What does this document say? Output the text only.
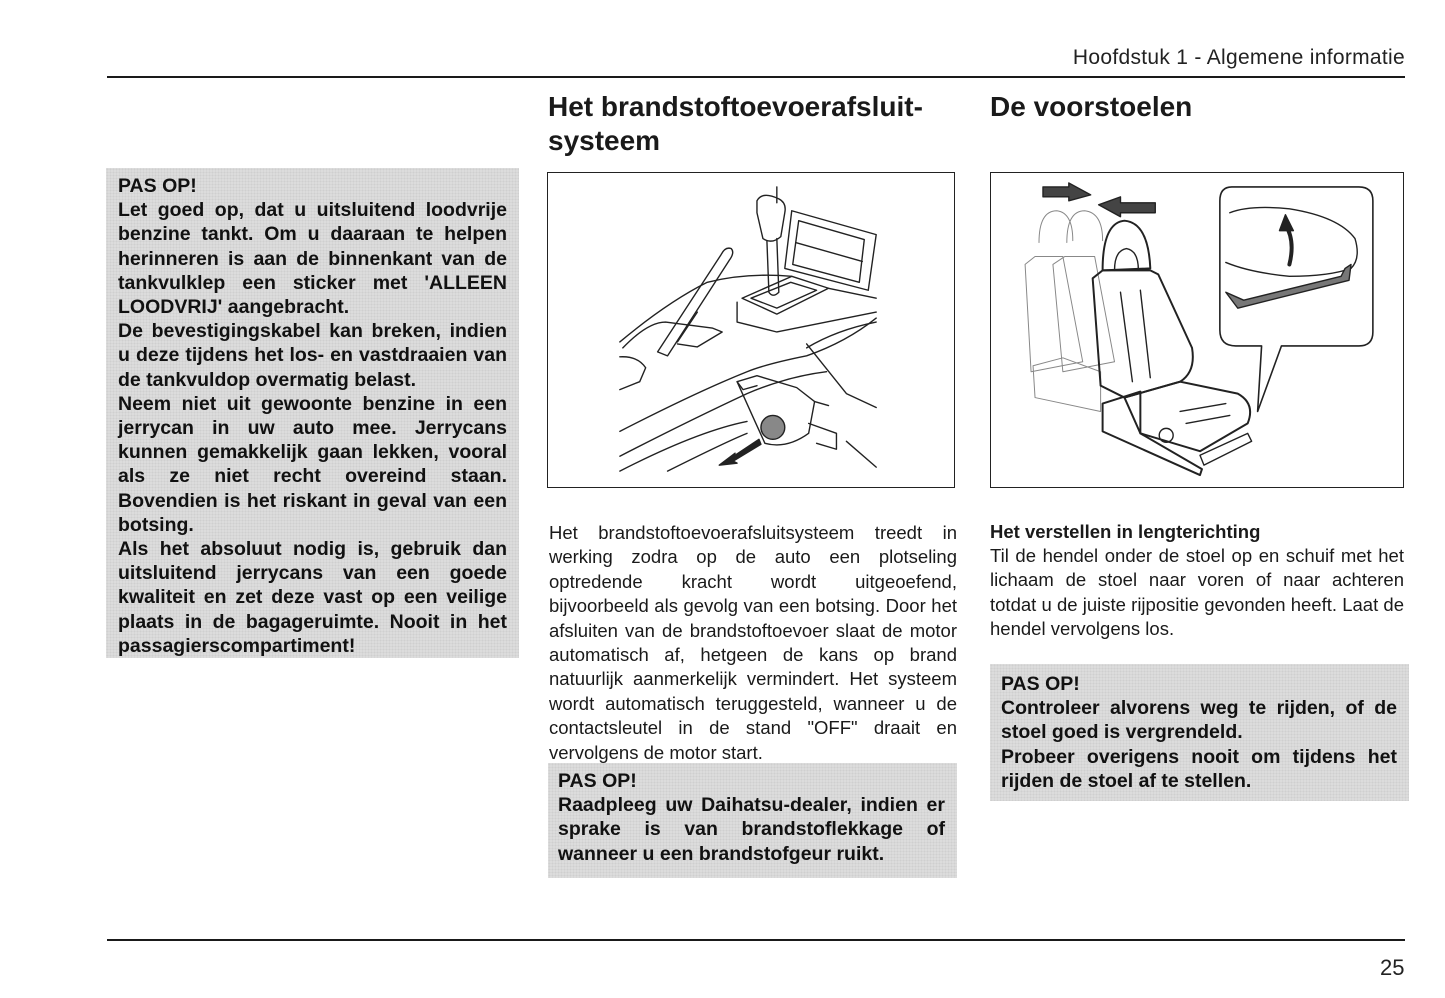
Hoofdstuk 1 - Algemene informatie
PAS OP!

Let goed op, dat u uitsluitend loodvrije benzine tankt. Om u daaraan te helpen herinneren is aan de binnenkant van de tankvulklep een sticker met 'ALLEEN LOODVRIJ' aangebracht.

De bevestigingskabel kan breken, indien u deze tijdens het los- en vastdraaien van de tankvuldop overmatig belast.

Neem niet uit gewoonte benzine in een jerrycan in uw auto mee. Jerrycans kunnen gemakkelijk gaan lekken, vooral als ze niet recht overeind staan. Bovendien is het riskant in geval van een botsing.

Als het absoluut nodig is, gebruik dan uitsluitend jerrycans van een goede kwaliteit en zet deze vast op een veilige plaats in de bagageruimte. Nooit in het passagierscompartiment!

Het brandstoftoevoerafsluit-systeem
Het brandstoftoevoerafsluitsysteem treedt in werking zodra op de auto een plotseling optredende kracht wordt uitgeoefend, bijvoorbeeld als gevolg van een botsing. Door het afsluiten van de brandstoftoevoer slaat de motor automatisch af, hetgeen de kans op brand natuurlijk aanmerkelijk vermindert. Het systeem wordt automatisch teruggesteld, wanneer u de contactsleutel in de stand "OFF" draait en vervolgens de motor start.
PAS OP!

Raadpleeg uw Daihatsu-dealer, indien er sprake is van brandstoflekkage of wanneer u een brandstofgeur ruikt.

De voorstoelen
Het verstellen in lengterichting
Til de hendel onder de stoel op en schuif met het lichaam de stoel naar voren of naar achteren totdat u de juiste rijpositie gevonden heeft. Laat de hendel vervolgens los.
PAS OP!

Controleer alvorens weg te rijden, of de stoel goed is vergrendeld.

Probeer overigens nooit om tijdens het rijden de stoel af te stellen.

25
